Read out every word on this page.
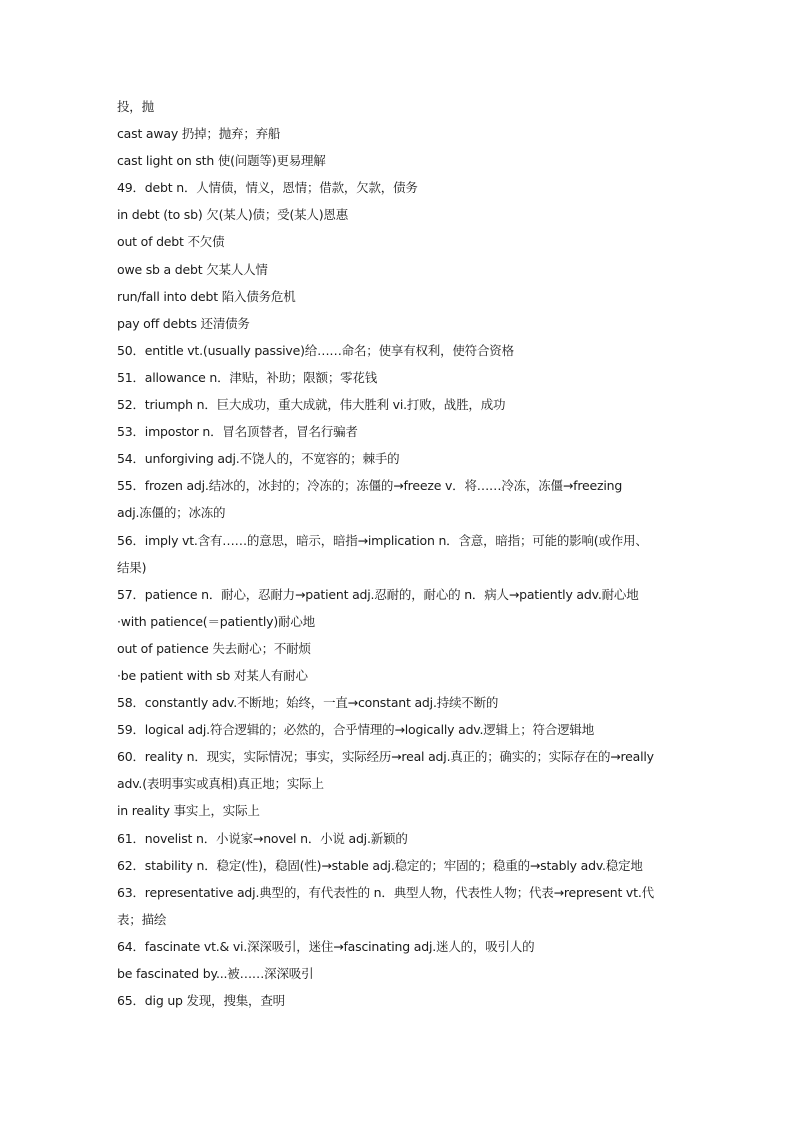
投，抛
cast away 扔掉；抛弃；弃船
cast light on sth 使(问题等)更易理解
49．debt n．人情债，情义，恩情；借款，欠款，债务
in debt (to sb) 欠(某人)债；受(某人)恩惠
out of debt 不欠债
owe sb a debt 欠某人人情
run/fall into debt 陷入债务危机
pay off debts 还清债务
50．entitle vt.(usually passive)给……命名；使享有权利，使符合资格
51．allowance n．津贴，补助；限额；零花钱
52．triumph n．巨大成功，重大成就，伟大胜利 vi.打败，战胜，成功
53．impostor n．冒名顶替者，冒名行骗者
54．unforgiving adj.不饶人的，不宽容的；棘手的
55．frozen adj.结冰的，冰封的；冷冻的；冻僵的→freeze v．将……冷冻，冻僵→freezing
adj.冻僵的；冰冻的
56．imply vt.含有……的意思，暗示，暗指→implication n．含意，暗指；可能的影响(或作用、
结果)
57．patience n．耐心，忍耐力→patient adj.忍耐的，耐心的 n．病人→patiently adv.耐心地
·with patience(＝patiently)耐心地
out of patience 失去耐心；不耐烦
·be patient with sb 对某人有耐心
58．constantly adv.不断地；始终，一直→constant adj.持续不断的
59．logical adj.符合逻辑的；必然的，合乎情理的→logically adv.逻辑上；符合逻辑地
60．reality n．现实，实际情况；事实，实际经历→real adj.真正的；确实的；实际存在的→really
adv.(表明事实或真相)真正地；实际上
in reality 事实上，实际上
61．novelist n．小说家→novel n．小说 adj.新颖的
62．stability n．稳定(性)，稳固(性)→stable adj.稳定的；牢固的；稳重的→stably adv.稳定地
63．representative adj.典型的，有代表性的 n．典型人物，代表性人物；代表→represent vt.代
表；描绘
64．fascinate vt.& vi.深深吸引，迷住→fascinating adj.迷人的，吸引人的
be fascinated by...被……深深吸引
65．dig up 发现，搜集，查明
